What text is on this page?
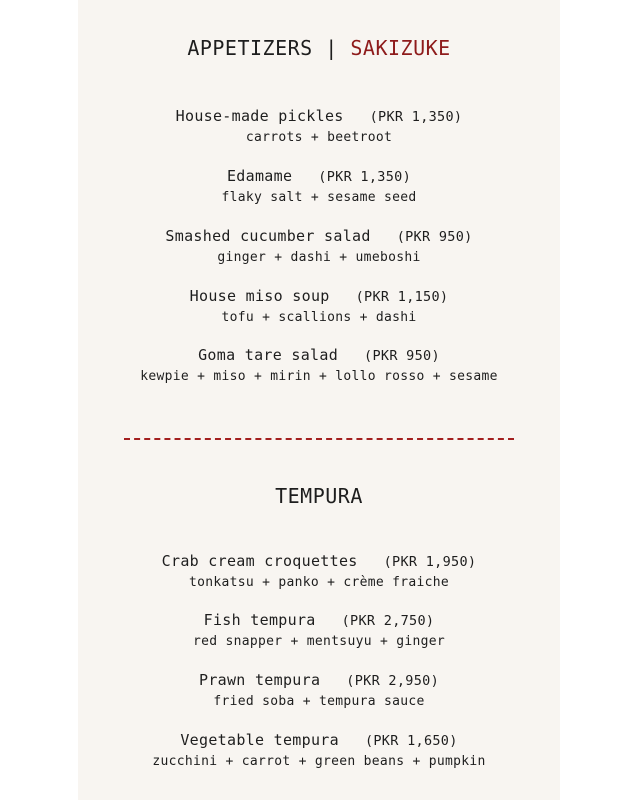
APPETIZERS | SAKIZUKE
House-made pickles (PKR 1,350)
carrots + beetroot
Edamame (PKR 1,350)
flaky salt + sesame seed
Smashed cucumber salad (PKR 950)
ginger + dashi + umeboshi
House miso soup (PKR 1,150)
tofu + scallions + dashi
Goma tare salad (PKR 950)
kewpie + miso + mirin + lollo rosso + sesame
TEMPURA
Crab cream croquettes (PKR 1,950)
tonkatsu + panko + crème fraiche
Fish tempura (PKR 2,750)
red snapper + mentsuyu + ginger
Prawn tempura (PKR 2,950)
fried soba + tempura sauce
Vegetable tempura (PKR 1,650)
zucchini + carrot + green beans + pumpkin
